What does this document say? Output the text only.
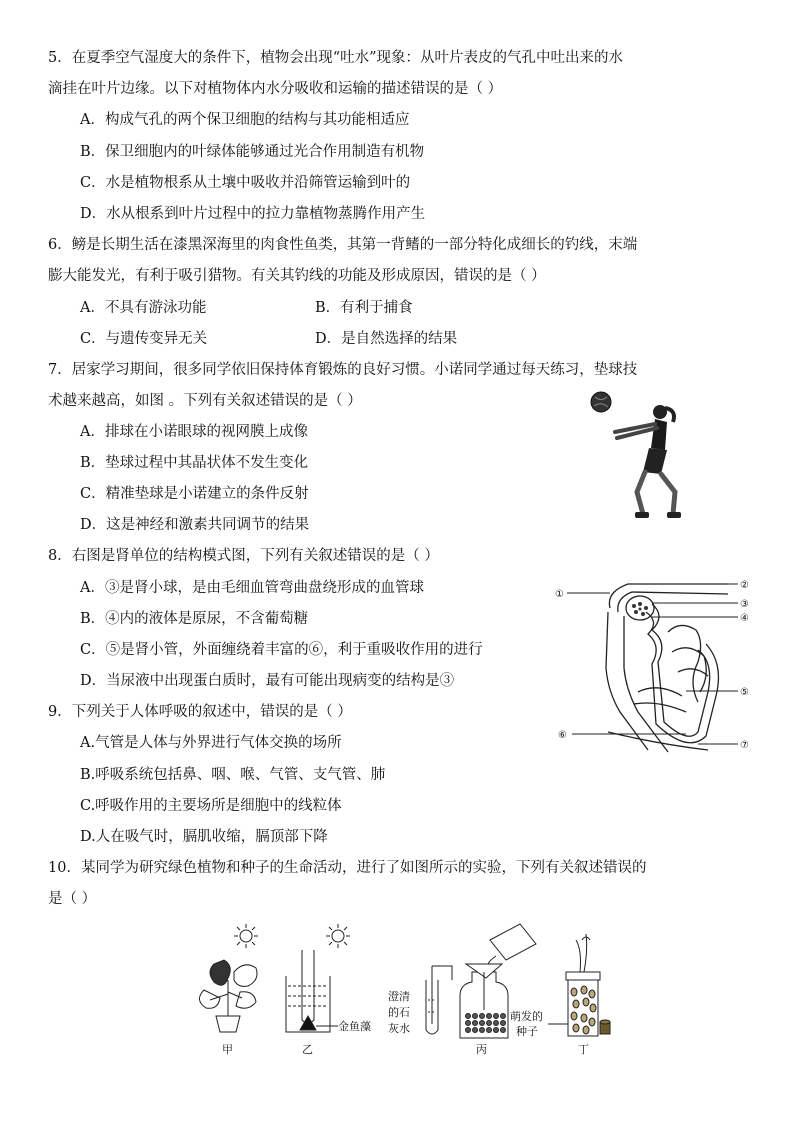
5．在夏季空气湿度大的条件下，植物会出现“吐水”现象：从叶片表皮的气孔中吐出来的水
滴挂在叶片边缘。以下对植物体内水分吸收和运输的描述错误的是（ ）
A．构成气孔的两个保卫细胞的结构与其功能相适应
B．保卫细胞内的叶绿体能够通过光合作用制造有机物
C．水是植物根系从土壤中吸收并沿筛管运输到叶的
D．水从根系到叶片过程中的拉力靠植物蒸腾作用产生
6．鳑是长期生活在漆黑深海里的肉食性鱼类，其第一背鳍的一部分特化成细长的钓线，末端
膨大能发光，有利于吸引猎物。有关其钓线的功能及形成原因，错误的是（ ）
A．不具有游泳功能	B．有利于捕食
C．与遗传变异无关	D．是自然选择的结果
7．居家学习期间，很多同学依旧保持体育锻炼的良好习惯。小诺同学通过每天练习，垫球技
术越来越高，如图 。下列有关叙述错误的是（ ）
A．排球在小诺眼球的视网膜上成像
B．垫球过程中其晶状体不发生变化
C．精准垫球是小诺建立的条件反射
D．这是神经和激素共同调节的结果
8．右图是肾单位的结构模式图，下列有关叙述错误的是（ ）
A．③是肾小球，是由毛细血管弯曲盘绕形成的血管球
B．④内的液体是原尿，不含葡萄糖
C．⑤是肾小管，外面缠绕着丰富的⑥，利于重吸收作用的进行
D．当尿液中出现蛋白质时，最有可能出现病变的结构是③
9．下列关于人体呼吸的叙述中，错误的是（ ）
A.气管是人体与外界进行气体交换的场所
B.呼吸系统包括鼻、咽、喉、气管、支气管、肺
C.呼吸作用的主要场所是细胞中的线粒体
D.人在吸气时，膈肌收缩，膈顶部下降
10．某同学为研究绿色植物和种子的生命活动，进行了如图所示的实验，下列有关叙述错误的
是（ ）
①
②
③
④
⑤
⑥
⑦
甲
金鱼藻
乙
澄清
的石
灰水
丙
萌发的
种子
丁
